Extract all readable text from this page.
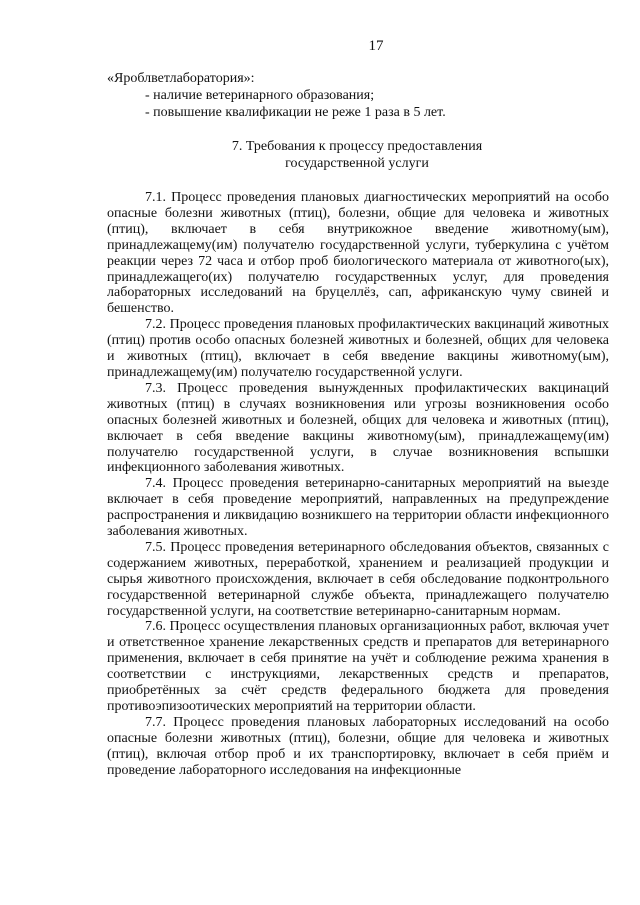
17
«Яроблветлаборатория»:
- наличие ветеринарного образования;
- повышение квалификации не реже 1 раза в 5 лет.
7. Требования к процессу предоставления
государственной услуги

7.1. Процесс проведения плановых диагностических мероприятий на особо опасные болезни животных (птиц), болезни, общие для человека и животных (птиц), включает в себя внутрикожное введение животному(ым), принадлежащему(им) получателю государственной услуги, туберкулина с учётом реакции через 72 часа и отбор проб биологического материала от животного(ых), принадлежащего(их) получателю государственных услуг, для проведения лабораторных исследований на бруцеллёз, сап, африканскую чуму свиней и бешенство.

7.2. Процесс проведения плановых профилактических вакцинаций животных (птиц) против особо опасных болезней животных и болезней, общих для человека и животных (птиц), включает в себя введение вакцины животному(ым), принадлежащему(им) получателю государственной услуги.

7.3. Процесс проведения вынужденных профилактических вакцинаций животных (птиц) в случаях возникновения или угрозы возникновения особо опасных болезней животных и болезней, общих для человека и животных (птиц), включает в себя введение вакцины животному(ым), принадлежащему(им) получателю государственной услуги, в случае возникновения вспышки инфекционного заболевания животных.

7.4. Процесс проведения ветеринарно-санитарных мероприятий на выезде включает в себя проведение мероприятий, направленных на предупреждение распространения и ликвидацию возникшего на территории области инфекционного заболевания животных.

7.5. Процесс проведения ветеринарного обследования объектов, связанных с содержанием животных, переработкой, хранением и реализацией продукции и сырья животного происхождения, включает в себя обследование подконтрольного государственной ветеринарной службе объекта, принадлежащего получателю государственной услуги, на соответствие ветеринарно-санитарным нормам.

7.6. Процесс осуществления плановых организационных работ, включая учет и ответственное хранение лекарственных средств и препаратов для ветеринарного применения, включает в себя принятие на учёт и соблюдение режима хранения в соответствии с инструкциями, лекарственных средств и препаратов, приобретённых за счёт средств федерального бюджета для проведения противоэпизоотических мероприятий на территории области.

7.7. Процесс проведения плановых лабораторных исследований на особо опасные болезни животных (птиц), болезни, общие для человека и животных (птиц), включая отбор проб и их транспортировку, включает в себя приём и проведение лабораторного исследования на инфекционные
